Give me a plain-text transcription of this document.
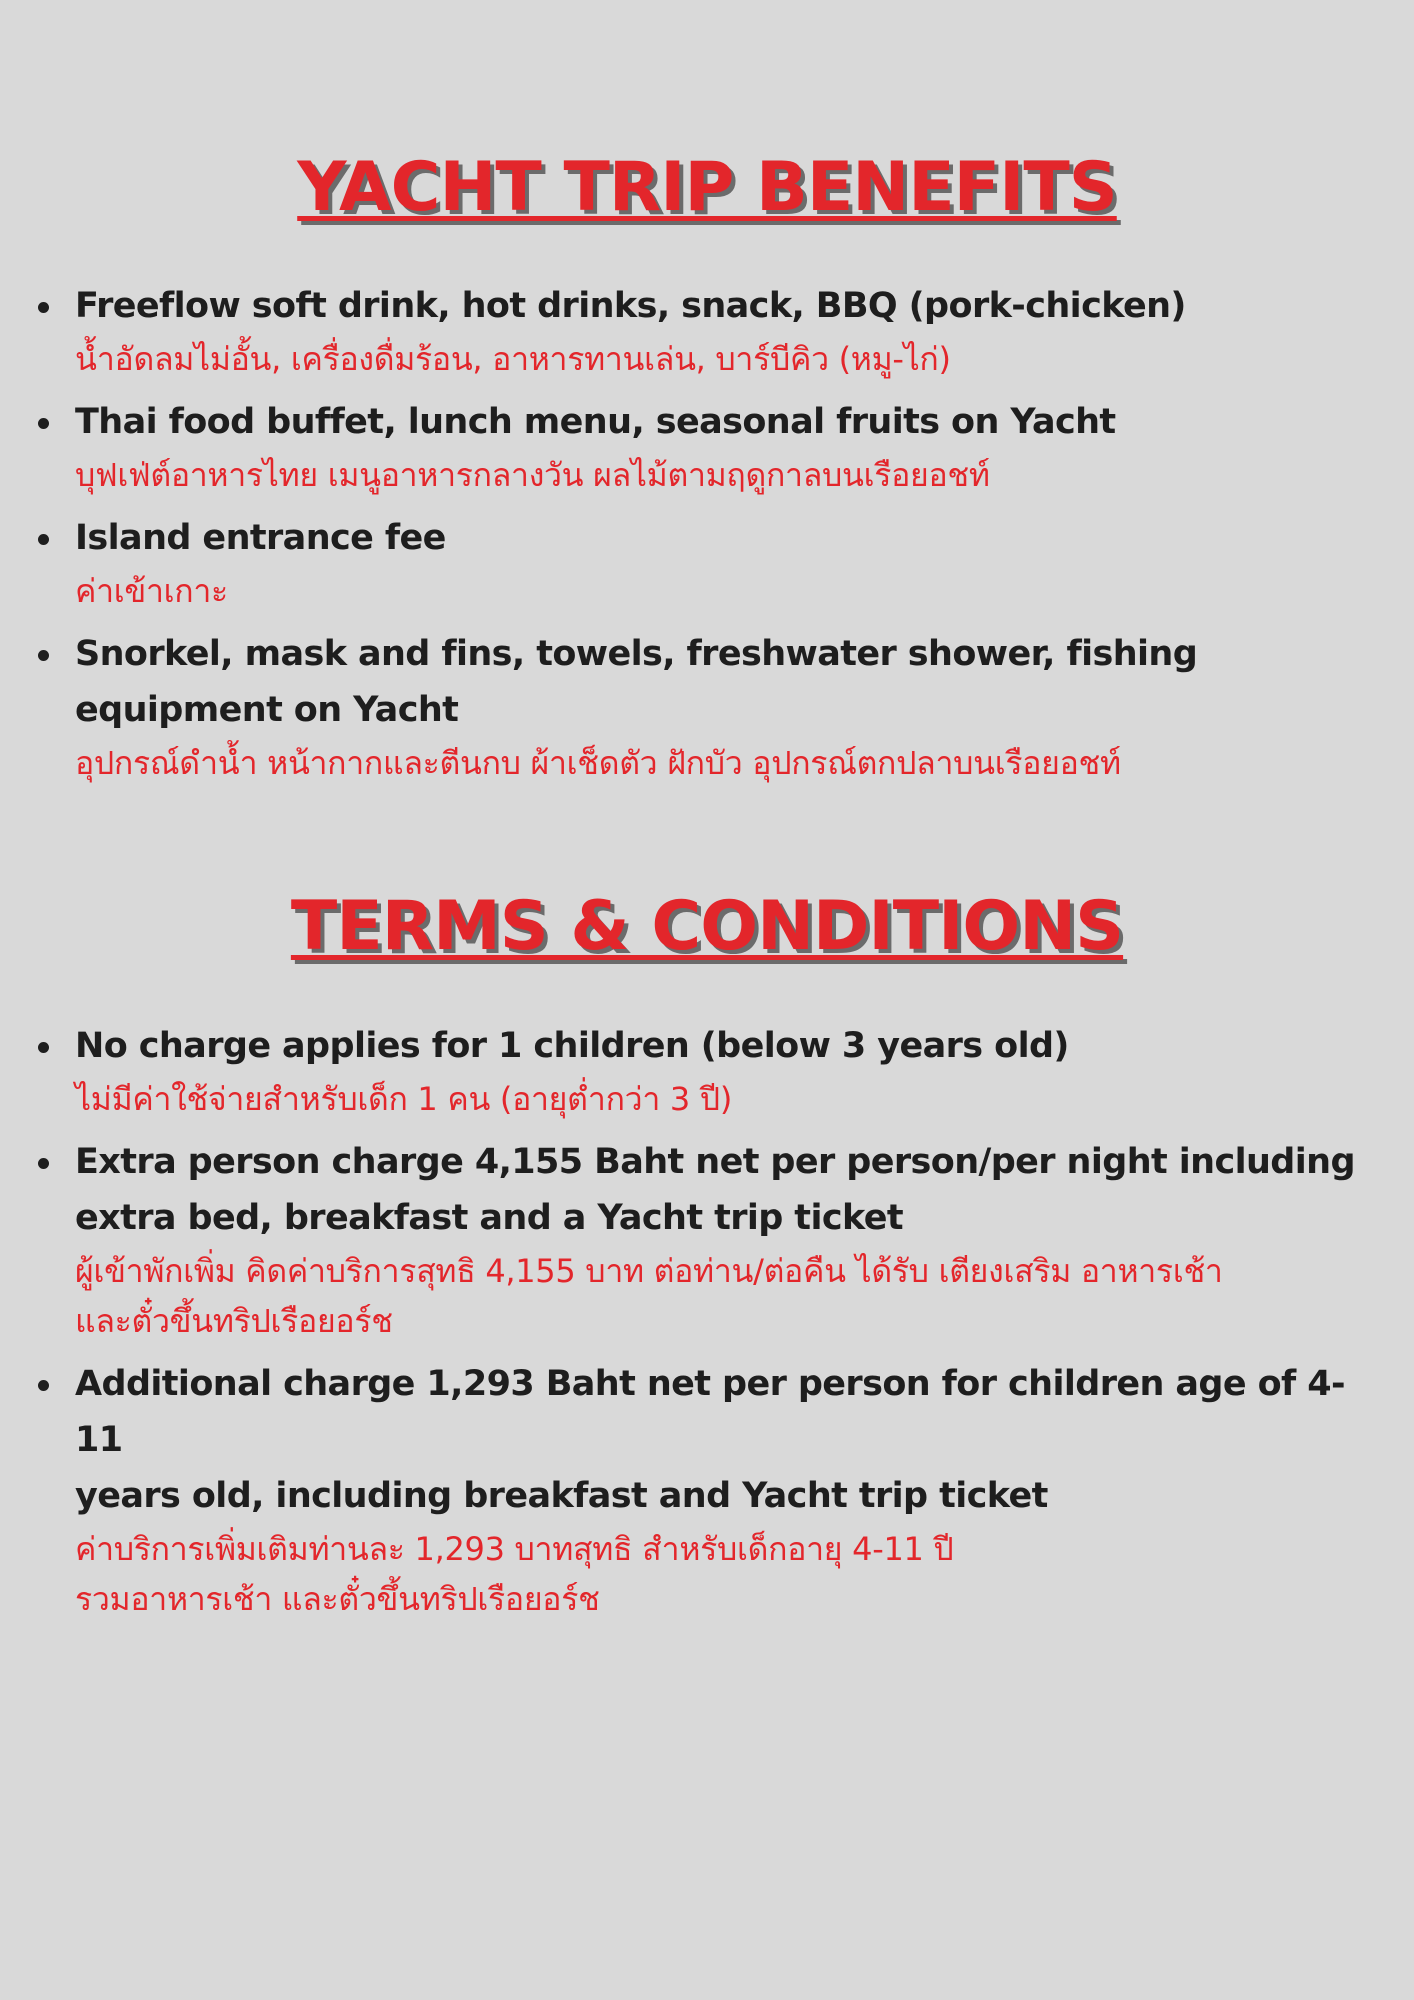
YACHT TRIP BENEFITS
Freeflow soft drink, hot drinks, snack, BBQ (pork-chicken)
น้ำอัดลมไม่อั้น, เครื่องดื่มร้อน, อาหารทานเล่น, บาร์บีคิว (หมู-ไก่)
Thai food buffet, lunch menu, seasonal fruits on Yacht
บุฟเฟ่ต์อาหารไทย เมนูอาหารกลางวัน ผลไม้ตามฤดูกาลบนเรือยอชท์
Island entrance fee
ค่าเข้าเกาะ
Snorkel, mask and fins, towels, freshwater shower, fishing
equipment on Yacht
อุปกรณ์ดำน้ำ หน้ากากและตีนกบ ผ้าเช็ดตัว ฝักบัว อุปกรณ์ตกปลาบนเรือยอชท์
TERMS & CONDITIONS
No charge applies for 1 children (below 3 years old)
ไม่มีค่าใช้จ่ายสำหรับเด็ก 1 คน (อายุต่ำกว่า 3 ปี)
Extra person charge 4,155 Baht net per person/per night including
extra bed, breakfast and a Yacht trip ticket
ผู้เข้าพักเพิ่ม คิดค่าบริการสุทธิ 4,155 บาท ต่อท่าน/ต่อคืน ได้รับ เตียงเสริม อาหารเช้า
และตั๋วขึ้นทริปเรือยอร์ช
Additional charge 1,293 Baht net per person for children age of 4-11
years old, including breakfast and Yacht trip ticket
ค่าบริการเพิ่มเติมท่านละ 1,293 บาทสุทธิ สำหรับเด็กอายุ 4-11 ปี
รวมอาหารเช้า และตั๋วขึ้นทริปเรือยอร์ช
